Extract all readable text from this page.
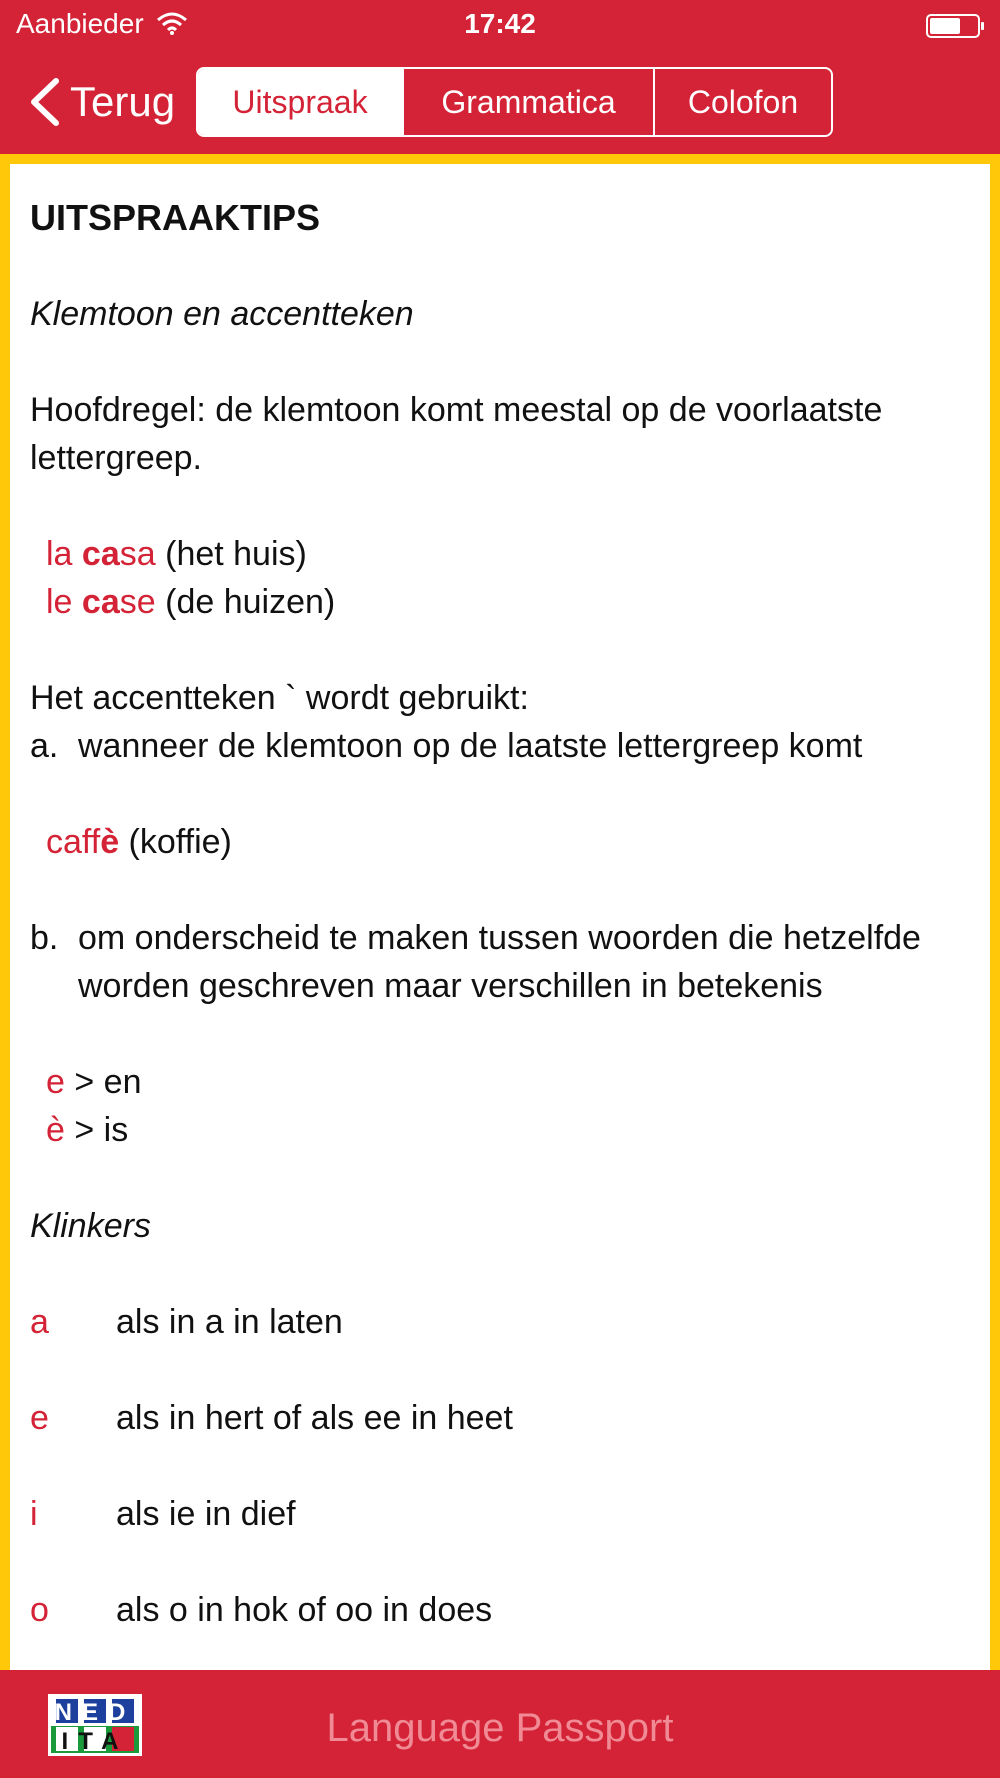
Aanbieder	17:42
Terug	Uitspraak	Grammatica	Colofon
UITSPRAAKTIPS

Klemtoon en accentteken

Hoofdregel: de klemtoon komt meestal op de voorlaatste lettergreep.

la casa (het huis)
le case (de huizen)
Het accentteken ` wordt gebruikt:
a. wanneer de klemtoon op de laatste lettergreep komt
caffè (koffie)
b. om onderscheid te maken tussen woorden die hetzelfde worden geschreven maar verschillen in betekenis
e > en
è > is

Klinkers

a	als in a in laten
e	als in hert of als ee in heet
i	als ie in dief
o	als o in hok of oo in does
NED
ITA	Language Passport
